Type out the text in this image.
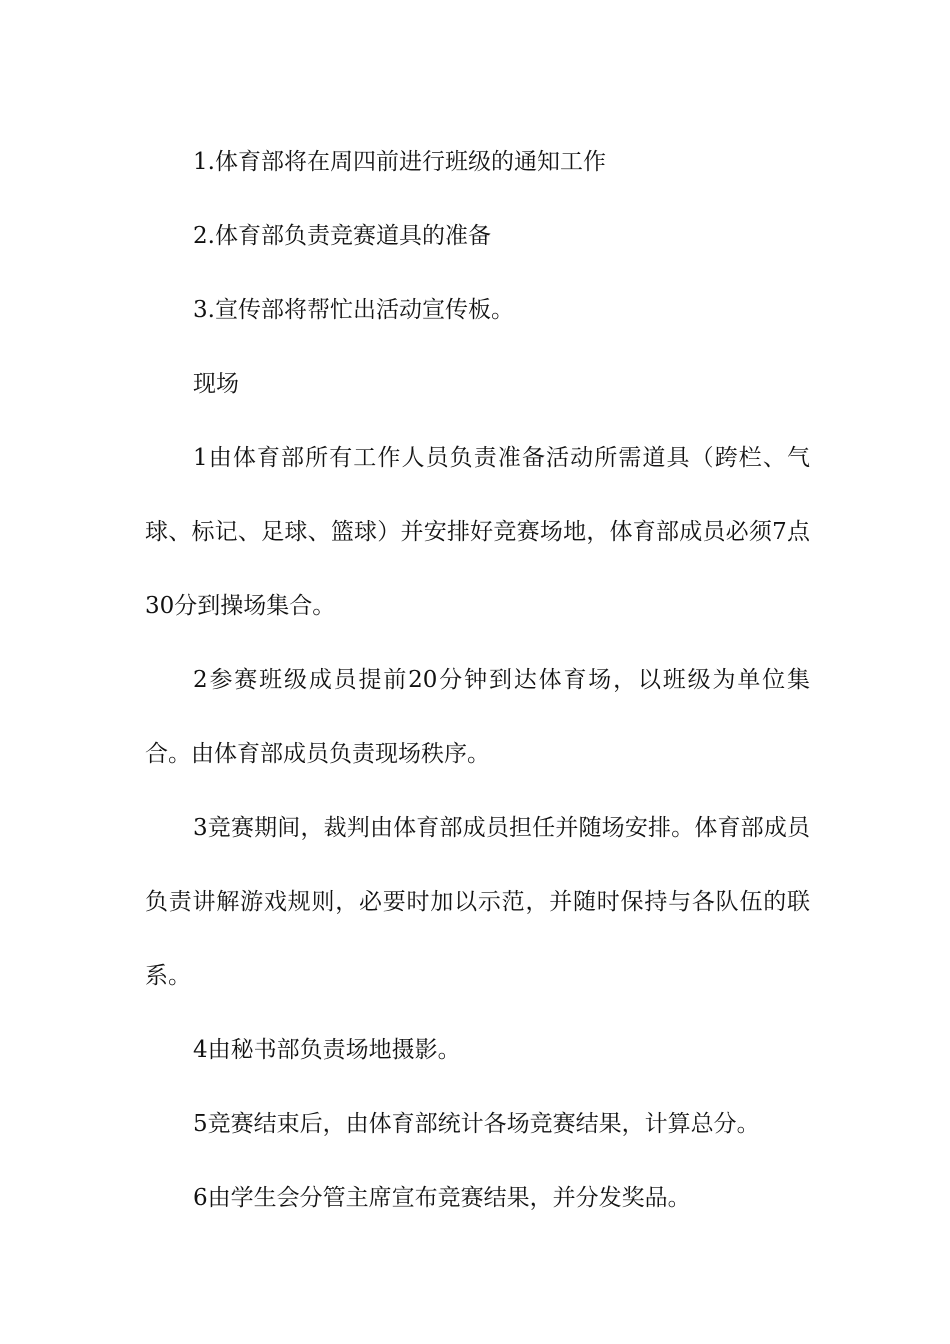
1.体育部将在周四前进行班级的通知工作

2.体育部负责竞赛道具的准备

3.宣传部将帮忙出活动宣传板。

现场

1由体育部所有工作人员负责准备活动所需道具（跨栏、气球、标记、足球、篮球）并安排好竞赛场地，体育部成员必须7点30分到操场集合。

2参赛班级成员提前20分钟到达体育场，以班级为单位集合。由体育部成员负责现场秩序。

3竞赛期间，裁判由体育部成员担任并随场安排。体育部成员负责讲解游戏规则，必要时加以示范，并随时保持与各队伍的联系。

4由秘书部负责场地摄影。

5竞赛结束后，由体育部统计各场竞赛结果，计算总分。

6由学生会分管主席宣布竞赛结果，并分发奖品。
